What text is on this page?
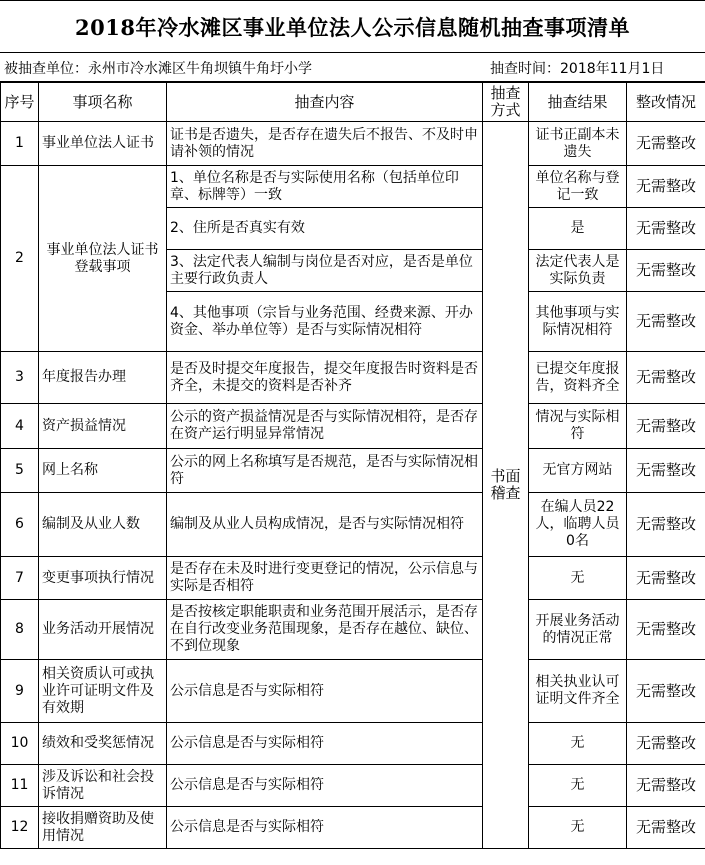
2018年冷水滩区事业单位法人公示信息随机抽查事项清单
被抽查单位：永州市冷水滩区牛角坝镇牛角圩小学	抽查时间：2018年11月1日
序号	事项名称	抽查内容	抽查方式	抽查结果	整改情况
1	事业单位法人证书	证书是否遗失，是否存在遗失后不报告、不及时申请补领的情况	书面稽查	证书正副本未遗失	无需整改
2	事业单位法人证书登载事项	1、单位名称是否与实际使用名称（包括单位印章、标牌等）一致		单位名称与登记一致	无需整改
		2、住所是否真实有效		是	无需整改
		3、法定代表人编制与岗位是否对应，是否是单位主要行政负责人		法定代表人是实际负责	无需整改
		4、其他事项（宗旨与业务范围、经费来源、开办资金、举办单位等）是否与实际情况相符		其他事项与实际情况相符	无需整改
3	年度报告办理	是否及时提交年度报告，提交年度报告时资料是否齐全，未提交的资料是否补齐		已提交年度报告，资料齐全	无需整改
4	资产损益情况	公示的资产损益情况是否与实际情况相符，是否存在资产运行明显异常情况		情况与实际相符	无需整改
5	网上名称	公示的网上名称填写是否规范，是否与实际情况相符		无官方网站	无需整改
6	编制及从业人数	编制及从业人员构成情况，是否与实际情况相符		在编人员22人，临聘人员0名	无需整改
7	变更事项执行情况	是否存在未及时进行变更登记的情况，公示信息与实际是否相符		无	无需整改
8	业务活动开展情况	是否按核定职能职责和业务范围开展活示，是否存在自行改变业务范围现象，是否存在越位、缺位、不到位现象		开展业务活动的情况正常	无需整改
9	相关资质认可或执业许可证明文件及有效期	公示信息是否与实际相符		相关执业认可证明文件齐全	无需整改
10	绩效和受奖惩情况	公示信息是否与实际相符		无	无需整改
11	涉及诉讼和社会投诉情况	公示信息是否与实际相符		无	无需整改
12	接收捐赠资助及使用情况	公示信息是否与实际相符		无	无需整改
